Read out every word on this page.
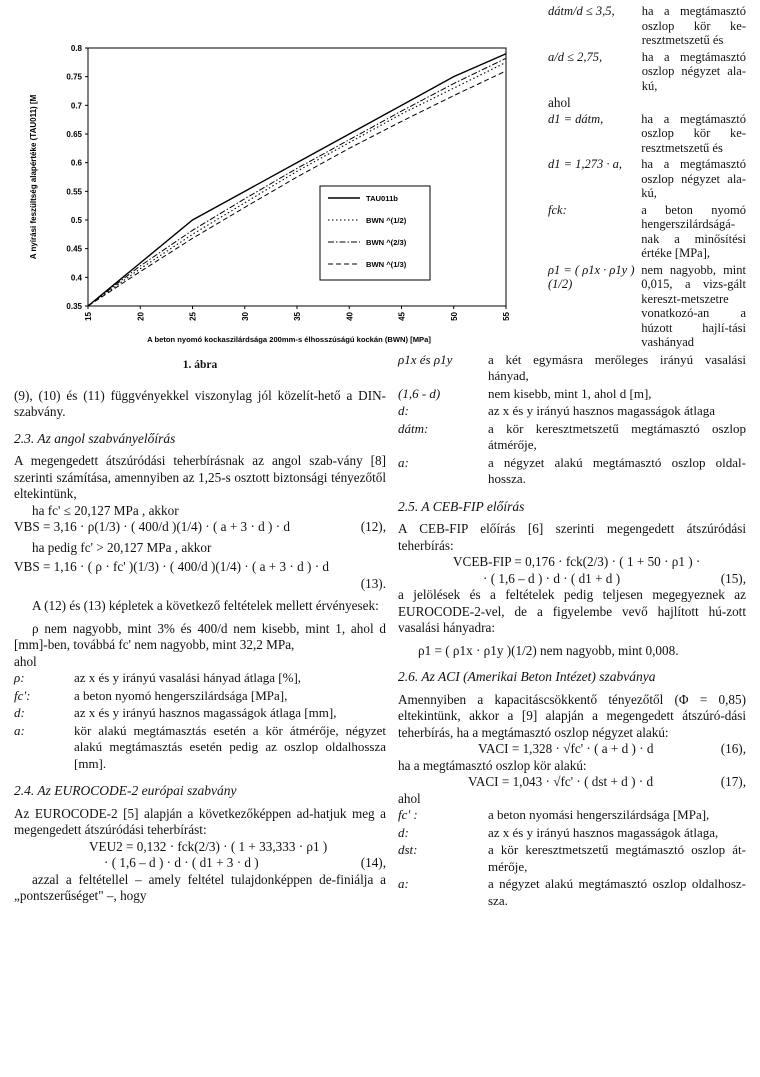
0.35
0.4
0.45
0.5
0.55
0.6
0.65
0.7
0.75
0.8
15	20	25	30	35	40	45	50	55
A beton nyomó kockaszilárdsága 200mm-s élhosszúságú kockán (BWN) [MPa]
A nyírási feszültség alapértéke (TAU011) [M	TAU011b
BWN ^(1/2)
BWN ^(2/3)
BWN ^(1/3)
1. ábra

(9), (10) és (11) függvényekkel viszonylag jól közelít-hető a DIN-szabvány.

2.3. Az angol szabványelőírás

A megengedett átszúródási teherbírásnak az angol szab-vány [8] szerinti számítása, amennyiben az 1,25-s osztott biztonsági tényezőtől eltekintünk,

ha fc' ≤ 20,127 MPa , akkor

VBS = 3,16 · ρ(1/3) · ( 400/d )(1/4) · ( a + 3 · d ) · d	(12),

ha pedig fc' > 20,127 MPa , akkor

VBS = 1,16 · ( ρ · fc' )(1/3) · ( 400/d )(1/4) · ( a + 3 · d ) · d
(13).

A (12) és (13) képletek a következő feltételek mellett érvényesek:

ρ nem nagyobb, mint 3% és 400/d nem kisebb, mint 1, ahol d [mm]-ben, továbbá fc' nem nagyobb, mint 32,2 MPa,

ahol

ρ:	az x és y irányú vasalási hányad átlaga [%],
fc':	a beton nyomó hengerszilárdsága [MPa],
d:	az x és y irányú hasznos magasságok átlaga [mm],
a:	kör alakú megtámasztás esetén a kör átmérője, négyzet alakú megtámasztás esetén pedig az oszlop oldalhossza [mm].
2.4. Az EUROCODE-2 európai szabvány

Az EUROCODE-2 [5] alapján a következőképpen ad-hatjuk meg a megengedett átszúródási teherbírást:

VEU2 = 0,132 · fck(2/3) · ( 1 + 33,333 · ρ1 )
· ( 1,6 – d ) · d · ( d1 + 3 · d )	(14),

azzal a feltétellel – amely feltétel tulajdonképpen de-finiálja a „pontszerűséget" –, hogy

dátm/d ≤ 3,5,	ha a megtámasztó oszlop kör ke-resztmetszetű és
a/d ≤ 2,75,	ha a megtámasztó oszlop négyzet ala-kú,

ahol

d1 = dátm,	ha a megtámasztó oszlop kör ke-resztmetszetű és
d1 = 1,273 · a,	ha a megtámasztó oszlop négyzet ala-kú,
fck:	a beton nyomó hengerszilárdságá-nak a minősítési értéke [MPa],
ρ1 = ( ρ1x · ρ1y )(1/2)	nem nagyobb, mint 0,015, a vizs-gált kereszt-metszetre vonatkozó-an a húzott hajlí-tási vashányad
ρ1x és ρ1y	a két egymásra merőleges irányú vasalási hányad,
(1,6 - d)	nem kisebb, mint 1, ahol d [m],
d:	az x és y irányú hasznos magasságok átlaga
dátm:	a kör keresztmetszetű megtámasztó oszlop átmérője,
a:	a négyzet alakú megtámasztó oszlop oldal-hossza.
2.5. A CEB-FIP előírás

A CEB-FIP előírás [6] szerinti megengedett átszúródási teherbírás:

VCEB-FIP = 0,176 · fck(2/3) · ( 1 + 50 · ρ1 ) ·
· ( 1,6 – d ) · d · ( d1 + d )	(15),

a jelölések és a feltételek pedig teljesen megegyeznek az EUROCODE-2-vel, de a figyelembe vevő hajlított hú-zott vasalási hányadra:

ρ1 = ( ρ1x · ρ1y )(1/2) nem nagyobb, mint 0,008.
2.6. Az ACI (Amerikai Beton Intézet) szabványa

Amennyiben a kapacitáscsökkentő tényezőtől (Φ = 0,85) eltekintünk, akkor a [9] alapján a megengedett átszúró-dási teherbírás, ha a megtámasztó oszlop négyzet alakú:

VACI = 1,328 · √fc' · ( a + d ) · d	(16),

ha a megtámasztó oszlop kör alakú:

VACI = 1,043 · √fc' · ( dst + d ) · d	(17),

ahol

fc' :	a beton nyomási hengerszilárdsága [MPa],
d:	az x és y irányú hasznos magasságok átlaga,
dst:	a kör keresztmetszetű megtámasztó oszlop át-mérője,
a:	a négyzet alakú megtámasztó oszlop oldalhosz-sza.
